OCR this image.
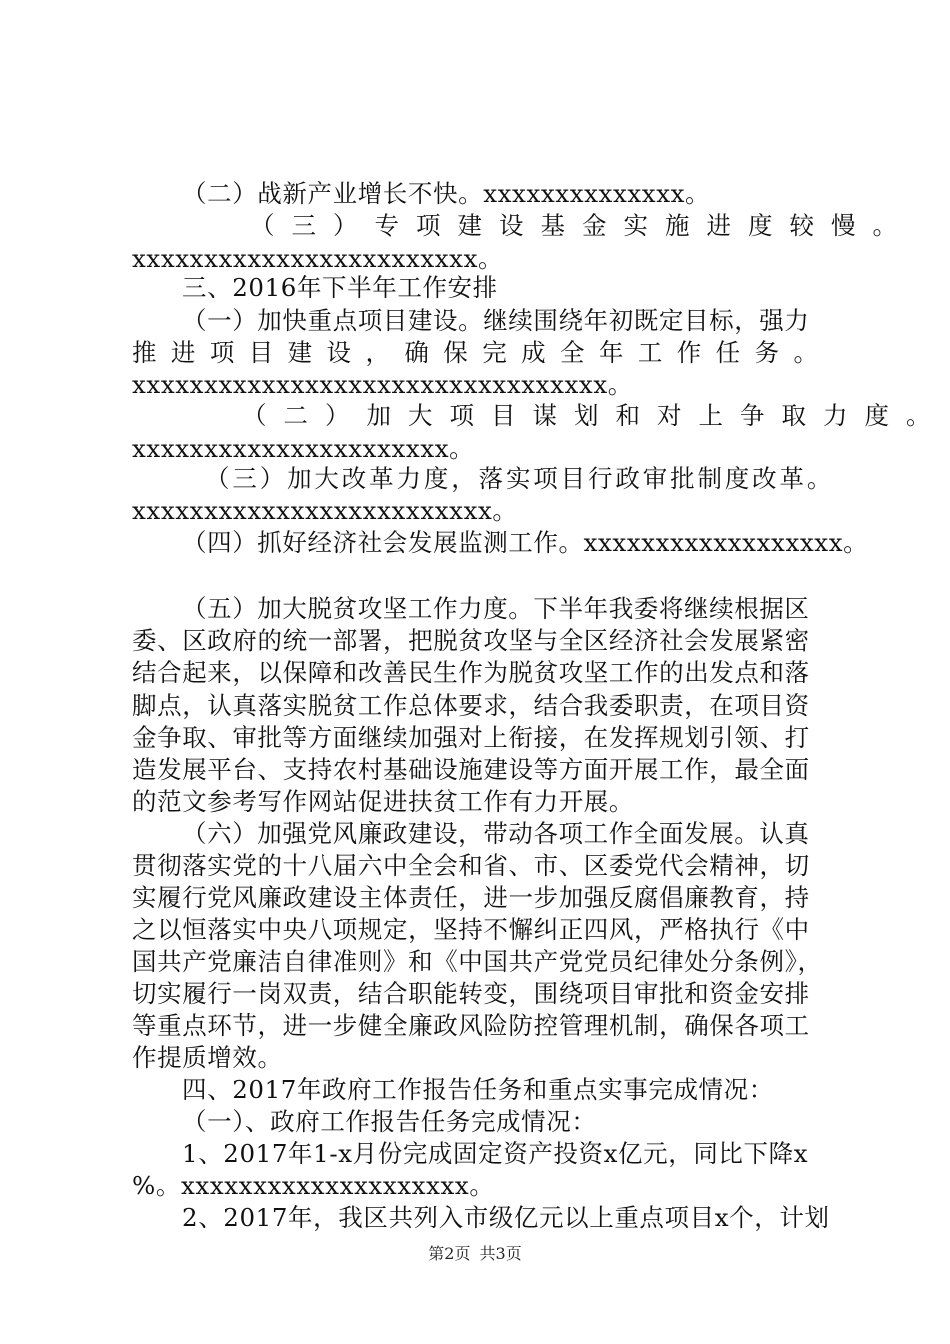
（二）战新产业增长不快。xxxxxxxxxxxxxx。
（三）专项建设基金实施进度较慢。
xxxxxxxxxxxxxxxxxxxxxxxx。
三、2016年下半年工作安排
（一）加快重点项目建设。继续围绕年初既定目标，强力
推进项目建设，确保完成全年工作任务。
xxxxxxxxxxxxxxxxxxxxxxxxxxxxxxxxx。
（二）加大项目谋划和对上争取力度。
xxxxxxxxxxxxxxxxxxxxxx。
（三）加大改革力度，落实项目行政审批制度改革。
xxxxxxxxxxxxxxxxxxxxxxxxx。
（四）抓好经济社会发展监测工作。xxxxxxxxxxxxxxxxxx。
（五）加大脱贫攻坚工作力度。下半年我委将继续根据区
委、区政府的统一部署，把脱贫攻坚与全区经济社会发展紧密
结合起来，以保障和改善民生作为脱贫攻坚工作的出发点和落
脚点，认真落实脱贫工作总体要求，结合我委职责，在项目资
金争取、审批等方面继续加强对上衔接，在发挥规划引领、打
造发展平台、支持农村基础设施建设等方面开展工作，最全面
的范文参考写作网站促进扶贫工作有力开展。
（六）加强党风廉政建设，带动各项工作全面发展。认真
贯彻落实党的十八届六中全会和省、市、区委党代会精神，切
实履行党风廉政建设主体责任，进一步加强反腐倡廉教育，持
之以恒落实中央八项规定，坚持不懈纠正四风，严格执行《中
国共产党廉洁自律准则》和《中国共产党党员纪律处分条例》，
切实履行一岗双责，结合职能转变，围绕项目审批和资金安排
等重点环节，进一步健全廉政风险防控管理机制，确保各项工
作提质增效。
四、2017年政府工作报告任务和重点实事完成情况：
（一）、政府工作报告任务完成情况：
1、2017年1-x月份完成固定资产投资x亿元，同比下降x
%。xxxxxxxxxxxxxxxxxxxx。
2、2017年，我区共列入市级亿元以上重点项目x个，计划
第2页 共3页
